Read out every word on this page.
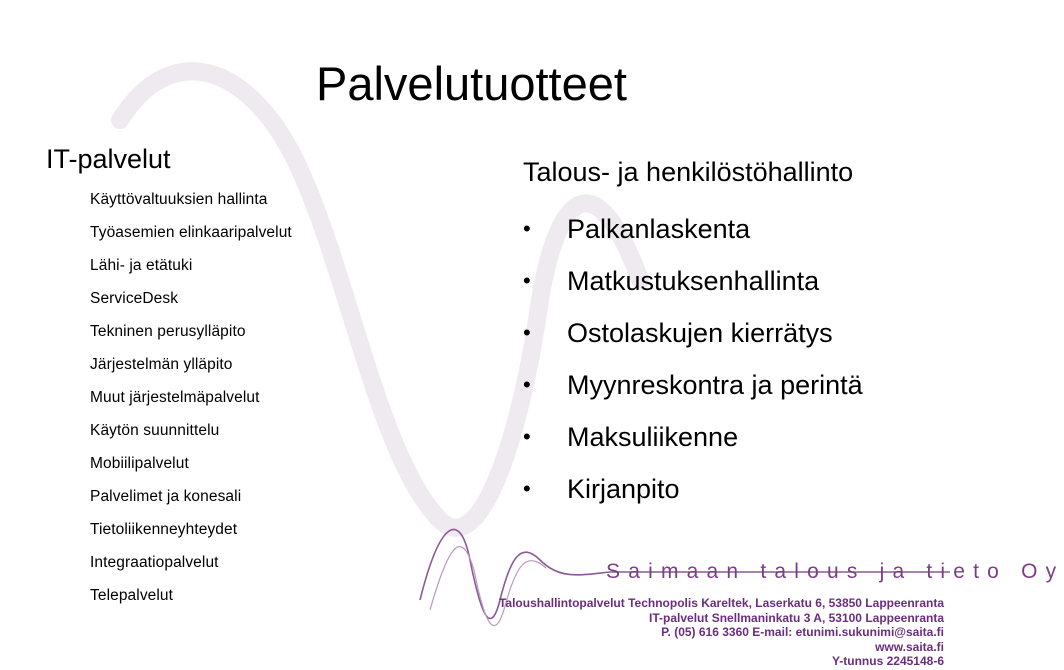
Palvelutuotteet
IT-palvelut
Käyttövaltuuksien hallinta
Työasemien elinkaaripalvelut
Lähi- ja etätuki
ServiceDesk
Tekninen perusylläpito
Järjestelmän ylläpito
Muut järjestelmäpalvelut
Käytön suunnittelu
Mobiilipalvelut
Palvelimet ja konesali
Tietoliikenneyhteydet
Integraatiopalvelut
Telepalvelut
Talous- ja henkilöstöhallinto
•	Palkanlaskenta
•	Matkustuksenhallinta
•	Ostolaskujen kierrätys
•	Myynreskontra ja perintä
•	Maksuliikenne
•	Kirjanpito
Saimaan talous ja tieto Oy
Taloushallintopalvelut Technopolis Kareltek, Laserkatu 6, 53850 Lappeenranta
IT-palvelut Snellmaninkatu 3 A, 53100 Lappeenranta
P. (05) 616 3360 E-mail: etunimi.sukunimi@saita.fi
www.saita.fi
Y-tunnus 2245148-6
